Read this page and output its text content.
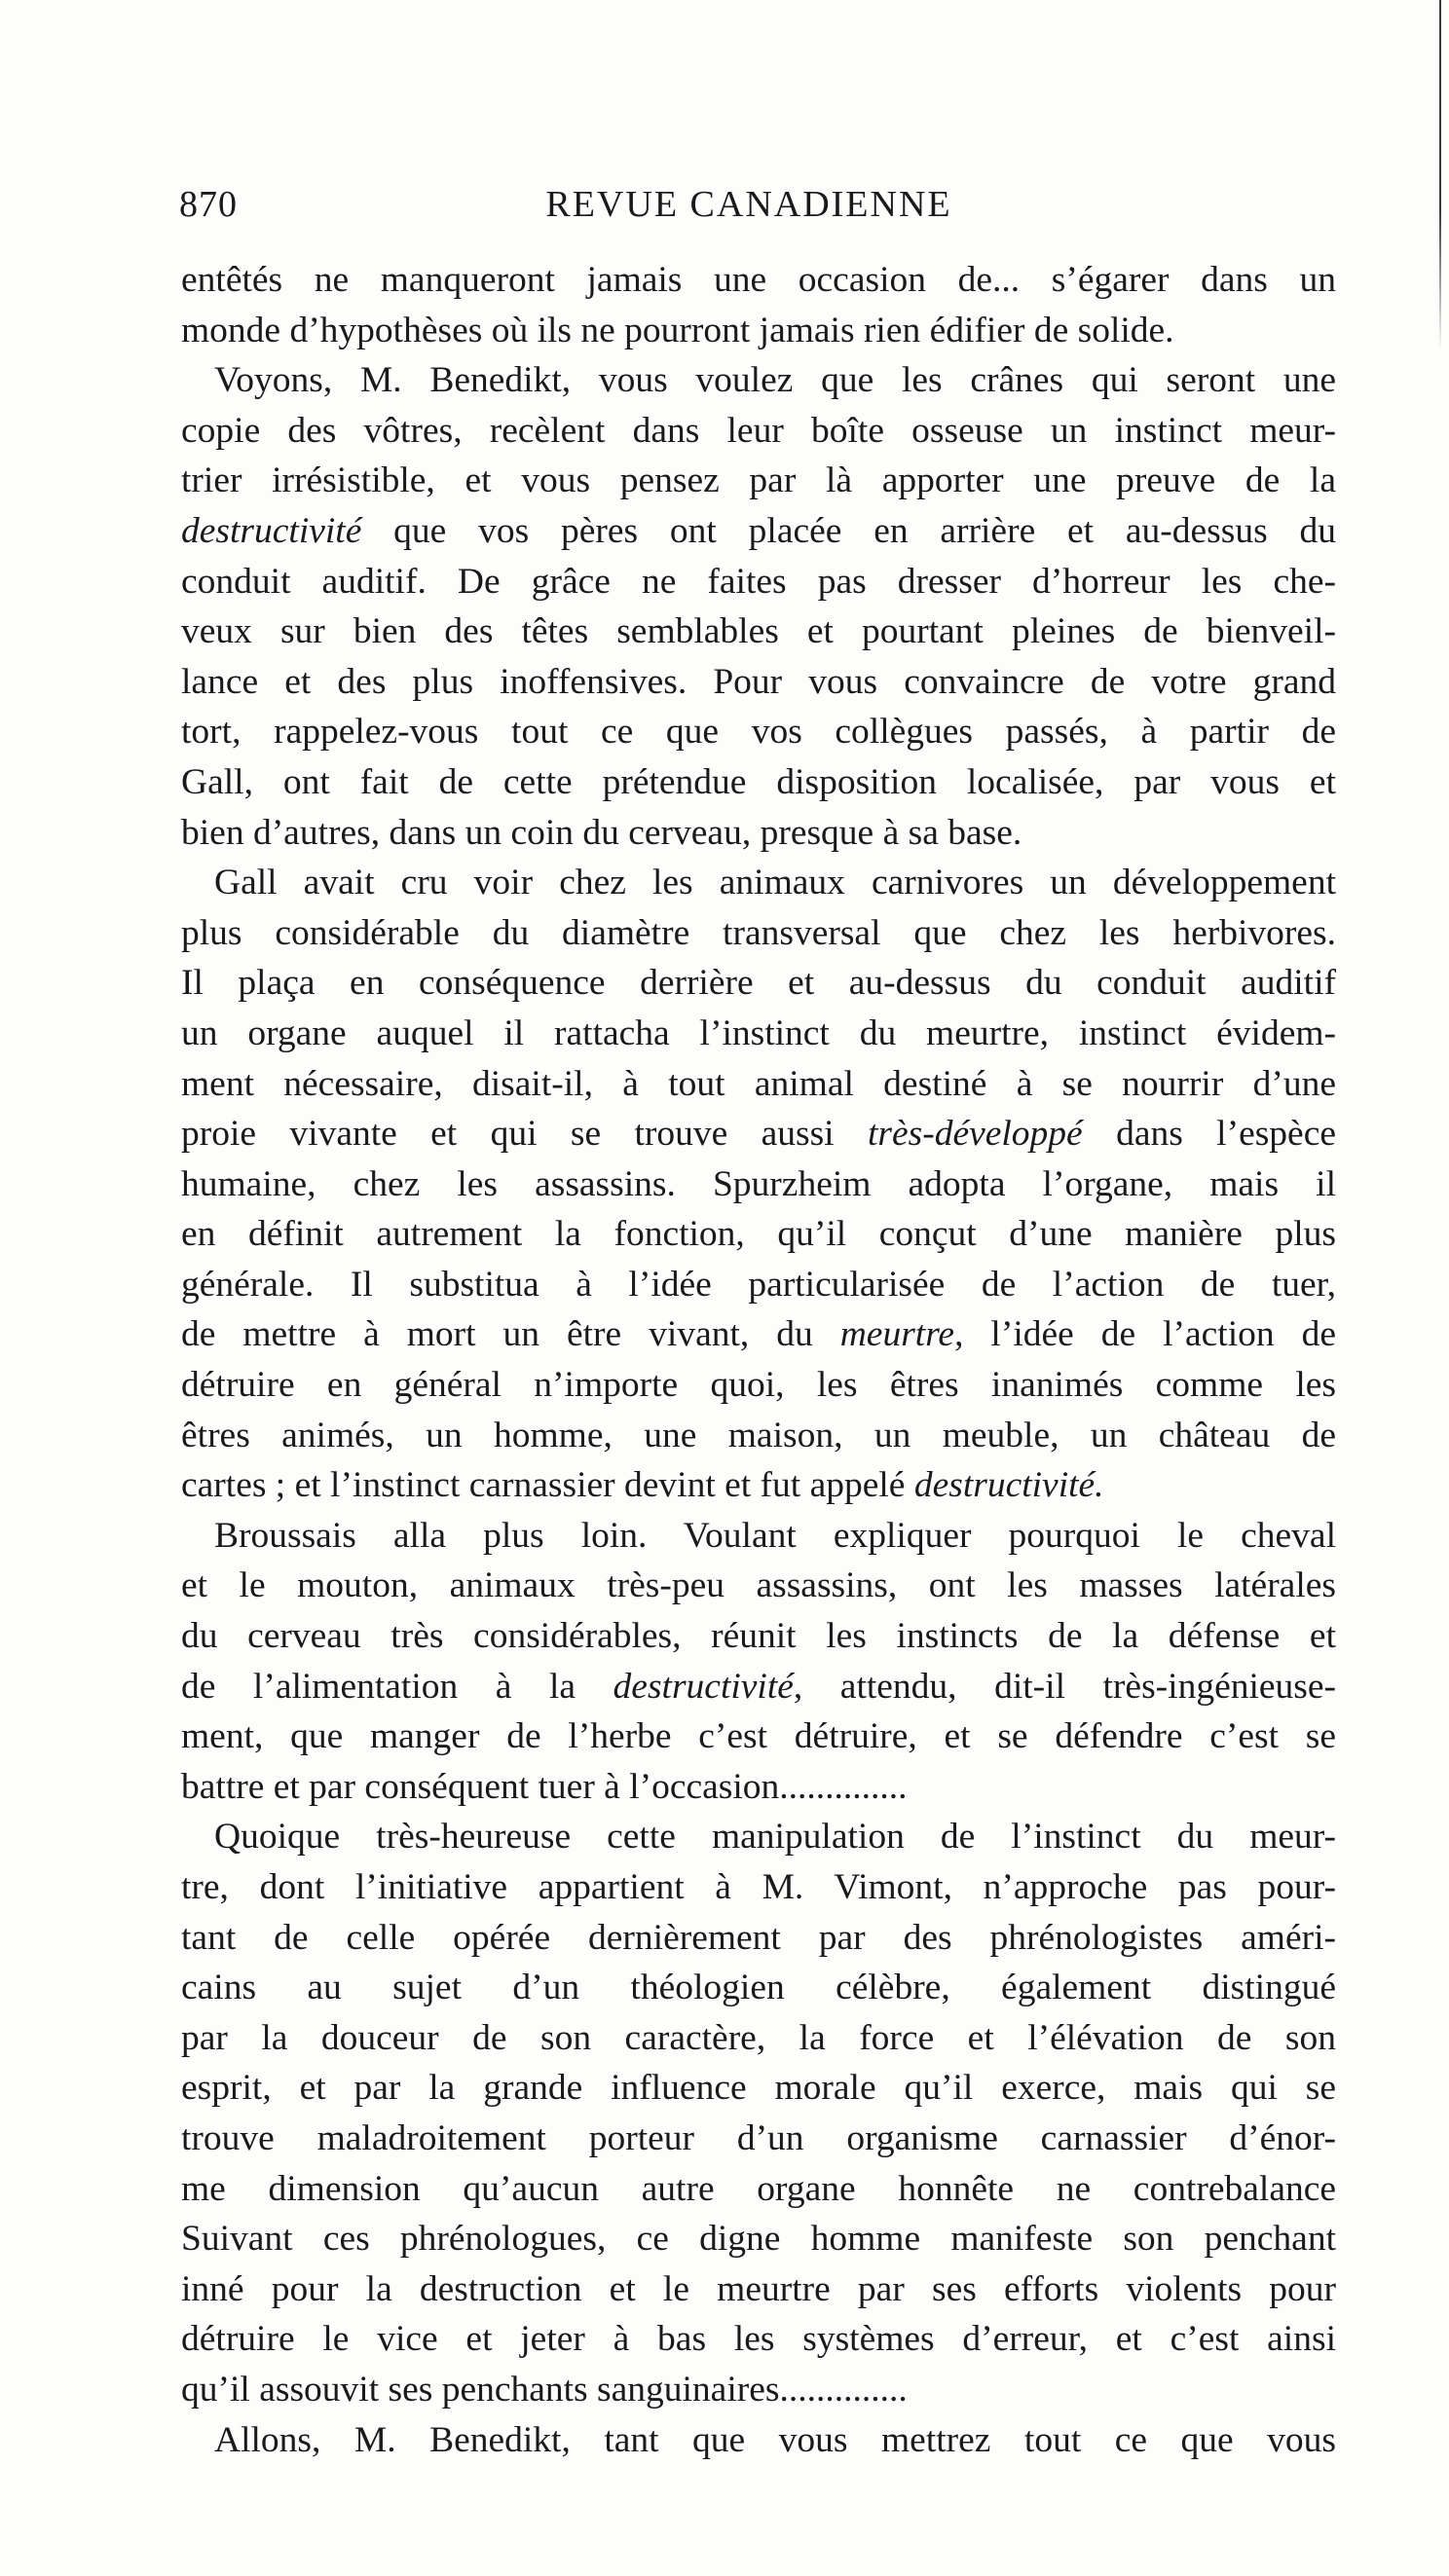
870	REVUE CANADIENNE
entêtés ne manqueront jamais une occasion de... s’égarer dans un
monde d’hypothèses où ils ne pourront jamais rien édifier de solide.
Voyons, M. Benedikt, vous voulez que les crânes qui seront une
copie des vôtres, recèlent dans leur boîte osseuse un instinct meur-
trier irrésistible, et vous pensez par là apporter une preuve de la
destructivité que vos pères ont placée en arrière et au-dessus du
conduit auditif. De grâce ne faites pas dresser d’horreur les che-
veux sur bien des têtes semblables et pourtant pleines de bienveil-
lance et des plus inoffensives. Pour vous convaincre de votre grand
tort, rappelez-vous tout ce que vos collègues passés, à partir de
Gall, ont fait de cette prétendue disposition localisée, par vous et
bien d’autres, dans un coin du cerveau, presque à sa base.
Gall avait cru voir chez les animaux carnivores un développement
plus considérable du diamètre transversal que chez les herbivores.
Il plaça en conséquence derrière et au-dessus du conduit auditif
un organe auquel il rattacha l’instinct du meurtre, instinct évidem-
ment nécessaire, disait-il, à tout animal destiné à se nourrir d’une
proie vivante et qui se trouve aussi très-développé dans l’espèce
humaine, chez les assassins. Spurzheim adopta l’organe, mais il
en définit autrement la fonction, qu’il conçut d’une manière plus
générale. Il substitua à l’idée particularisée de l’action de tuer,
de mettre à mort un être vivant, du meurtre, l’idée de l’action de
détruire en général n’importe quoi, les êtres inanimés comme les
êtres animés, un homme, une maison, un meuble, un château de
cartes ; et l’instinct carnassier devint et fut appelé destructivité.
Broussais alla plus loin. Voulant expliquer pourquoi le cheval
et le mouton, animaux très-peu assassins, ont les masses latérales
du cerveau très considérables, réunit les instincts de la défense et
de l’alimentation à la destructivité, attendu, dit-il très-ingénieuse-
ment, que manger de l’herbe c’est détruire, et se défendre c’est se
battre et par conséquent tuer à l’occasion..............
Quoique très-heureuse cette manipulation de l’instinct du meur-
tre, dont l’initiative appartient à M. Vimont, n’approche pas pour-
tant de celle opérée dernièrement par des phrénologistes améri-
cains au sujet d’un théologien célèbre, également distingué
par la douceur de son caractère, la force et l’élévation de son
esprit, et par la grande influence morale qu’il exerce, mais qui se
trouve maladroitement porteur d’un organisme carnassier d’énor-
me dimension qu’aucun autre organe honnête ne contrebalance
Suivant ces phrénologues, ce digne homme manifeste son penchant
inné pour la destruction et le meurtre par ses efforts violents pour
détruire le vice et jeter à bas les systèmes d’erreur, et c’est ainsi
qu’il assouvit ses penchants sanguinaires..............
Allons, M. Benedikt, tant que vous mettrez tout ce que vous
